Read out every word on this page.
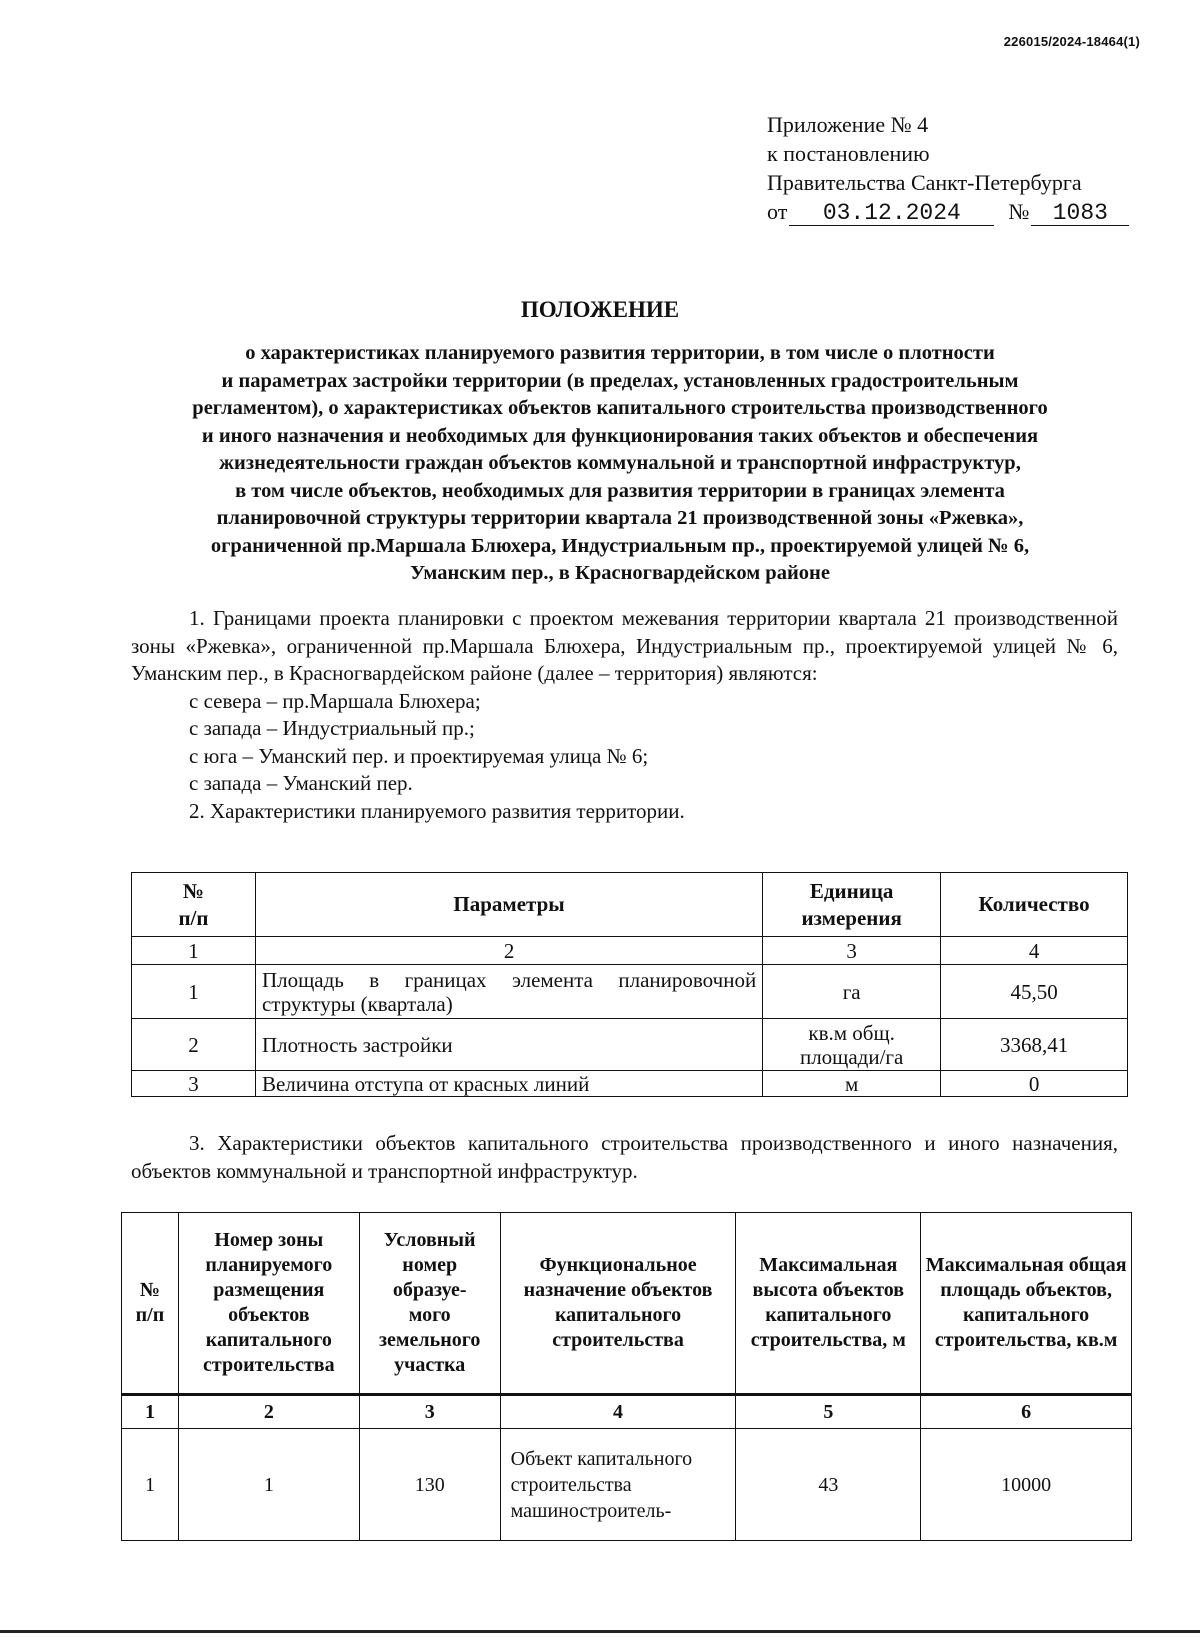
226015/2024-18464(1)
Приложение № 4
к постановлению
Правительства Санкт-Петербурга
от	03.12.2024	№	1083
ПОЛОЖЕНИЕ
о характеристиках планируемого развития территории, в том числе о плотности
и параметрах застройки территории (в пределах, установленных градостроительным
регламентом), о характеристиках объектов капитального строительства производственного
и иного назначения и необходимых для функционирования таких объектов и обеспечения
жизнедеятельности граждан объектов коммунальной и транспортной инфраструктур,
в том числе объектов, необходимых для развития территории в границах элемента
планировочной структуры территории квартала 21 производственной зоны «Ржевка»,
ограниченной пр.Маршала Блюхера, Индустриальным пр., проектируемой улицей № 6,
Уманским пер., в Красногвардейском районе

1. Границами проекта планировки с проектом межевания территории квартала 21 производственной зоны «Ржевка», ограниченной пр.Маршала Блюхера, Индустриальным пр., проектируемой улицей № 6, Уманским пер., в Красногвардейском районе (далее – территория) являются:

с севера – пр.Маршала Блюхера;
с запада – Индустриальный пр.;
с юга – Уманский пер. и проектируемая улица № 6;
с запада – Уманский пер.
2. Характеристики планируемого развития территории.
№ п/п	Параметры	Единица измерения	Количество
1	2	3	4
1	Площадь в границах элемента планировочной структуры (квартала)	га	45,50
2	Плотность застройки	кв.м общ. площади/га	3368,41
3	Величина отступа от красных линий	м	0

3. Характеристики объектов капитального строительства производственного и иного назначения, объектов коммунальной и транспортной инфраструктур.

№ п/п	Номер зоны планируемого размещения объектов капитального строительства	Условный номер образуе-мого земельного участка	Функциональное назначение объектов капитального строительства	Максимальная высота объектов капитального строительства, м	Максимальная общая площадь объектов, капитального строительства, кв.м
1	2	3	4	5	6
1	1	130	Объект капитального строительства машиностроитель-	43	10000
